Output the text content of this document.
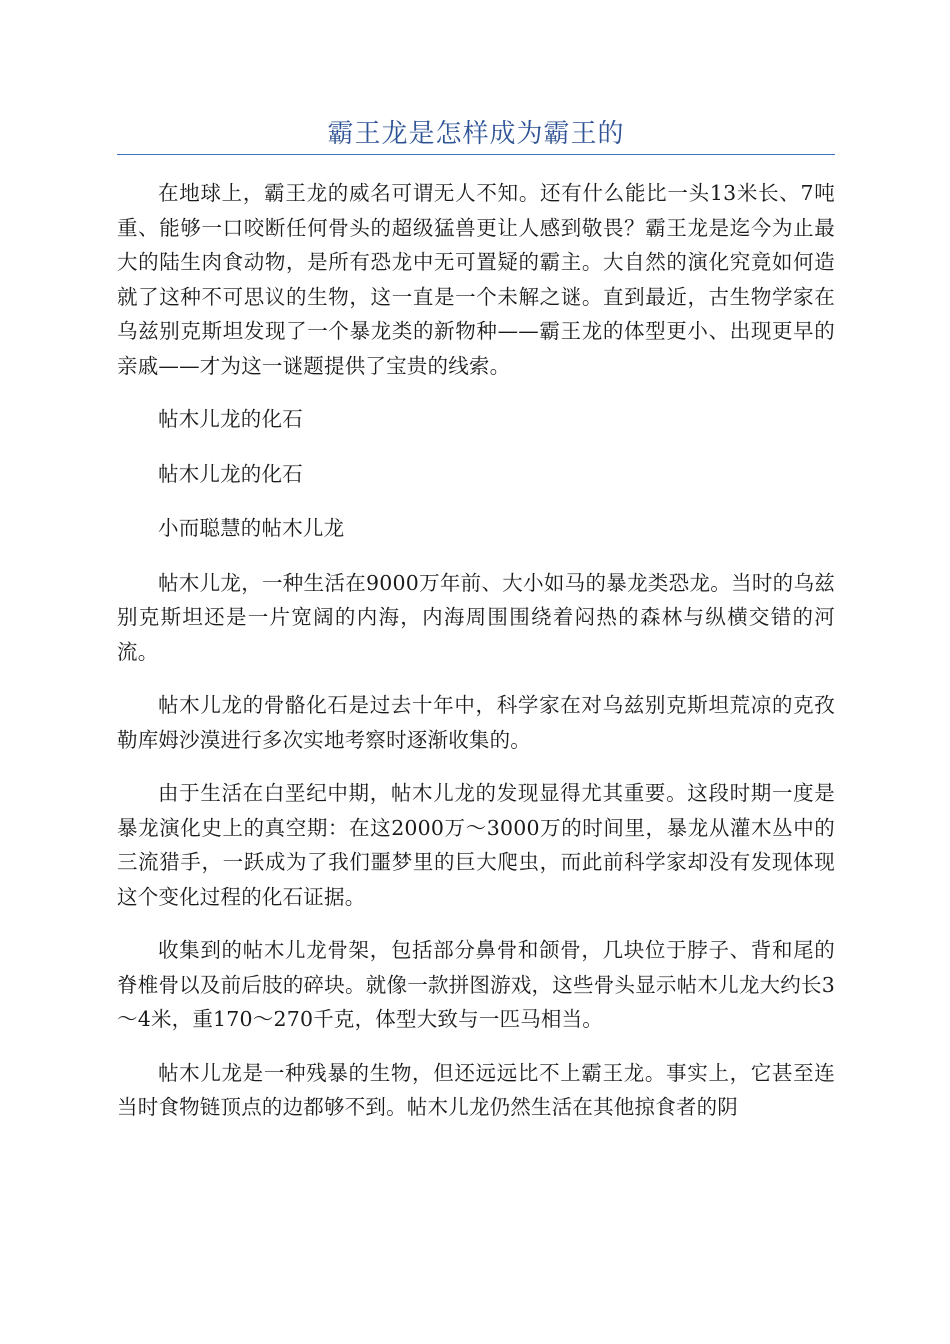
霸王龙是怎样成为霸王的

在地球上，霸王龙的威名可谓无人不知。还有什么能比一头13米长、7吨重、能够一口咬断任何骨头的超级猛兽更让人感到敬畏？霸王龙是迄今为止最大的陆生肉食动物，是所有恐龙中无可置疑的霸主。大自然的演化究竟如何造就了这种不可思议的生物，这一直是一个未解之谜。直到最近，古生物学家在乌兹别克斯坦发现了一个暴龙类的新物种——霸王龙的体型更小、出现更早的亲戚——才为这一谜题提供了宝贵的线索。

帖木儿龙的化石

帖木儿龙的化石

小而聪慧的帖木儿龙

帖木儿龙，一种生活在9000万年前、大小如马的暴龙类恐龙。当时的乌兹别克斯坦还是一片宽阔的内海，内海周围围绕着闷热的森林与纵横交错的河流。

帖木儿龙的骨骼化石是过去十年中，科学家在对乌兹别克斯坦荒凉的克孜勒库姆沙漠进行多次实地考察时逐渐收集的。

由于生活在白垩纪中期，帖木儿龙的发现显得尤其重要。这段时期一度是暴龙演化史上的真空期：在这2000万～3000万的时间里，暴龙从灌木丛中的三流猎手，一跃成为了我们噩梦里的巨大爬虫，而此前科学家却没有发现体现这个变化过程的化石证据。

收集到的帖木儿龙骨架，包括部分鼻骨和颌骨，几块位于脖子、背和尾的脊椎骨以及前后肢的碎块。就像一款拼图游戏，这些骨头显示帖木儿龙大约长3～4米，重170～270千克，体型大致与一匹马相当。

帖木儿龙是一种残暴的生物，但还远远比不上霸王龙。事实上，它甚至连当时食物链顶点的边都够不到。帖木儿龙仍然生活在其他掠食者的阴
